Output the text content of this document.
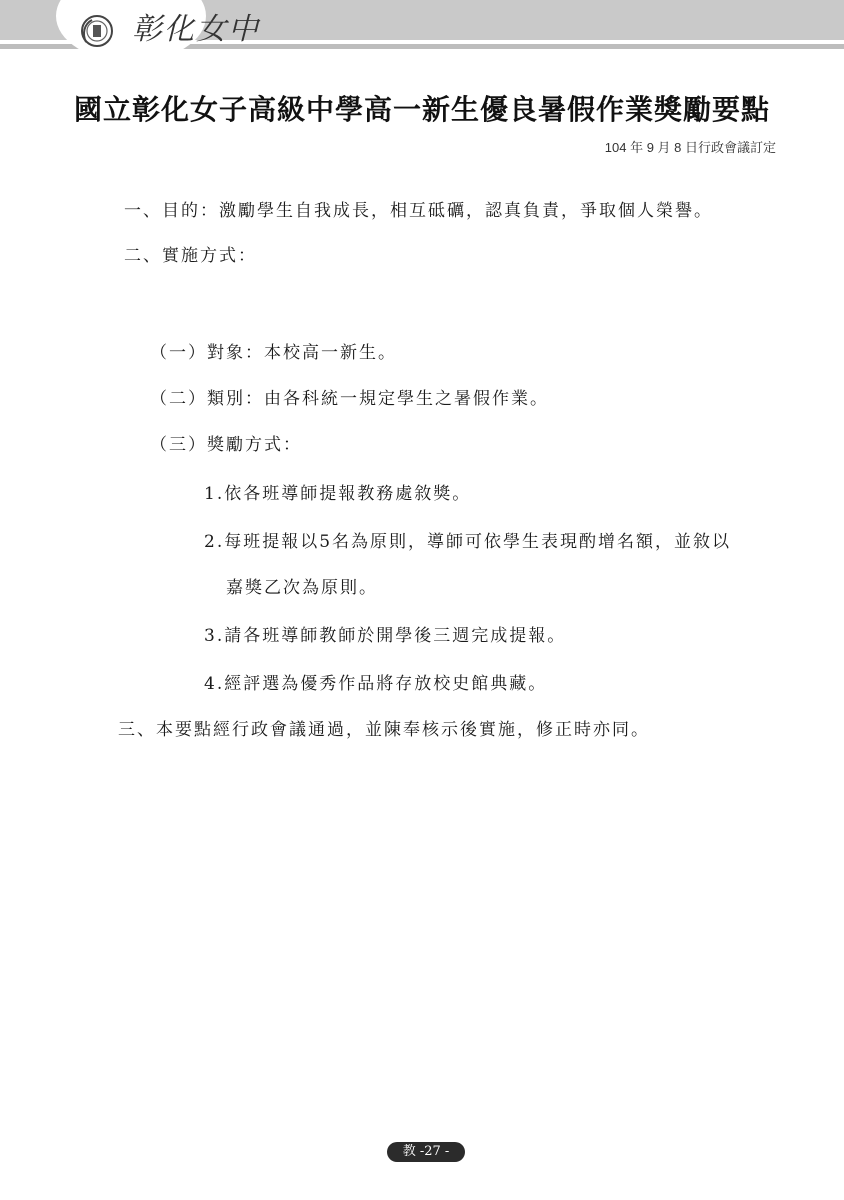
彰化女中
國立彰化女子高級中學高一新生優良暑假作業獎勵要點
104 年 9 月 8 日行政會議訂定
一、目的：激勵學生自我成長，相互砥礪，認真負責，爭取個人榮譽。
二、實施方式：
（一）對象：本校高一新生。
（二）類別：由各科統一規定學生之暑假作業。
（三）獎勵方式：
1.依各班導師提報教務處敘獎。
2.每班提報以5名為原則，導師可依學生表現酌增名額，並敘以
嘉獎乙次為原則。
3.請各班導師教師於開學後三週完成提報。
4.經評選為優秀作品將存放校史館典藏。
三、本要點經行政會議通過，並陳奉核示後實施，修正時亦同。
教 -27 -
